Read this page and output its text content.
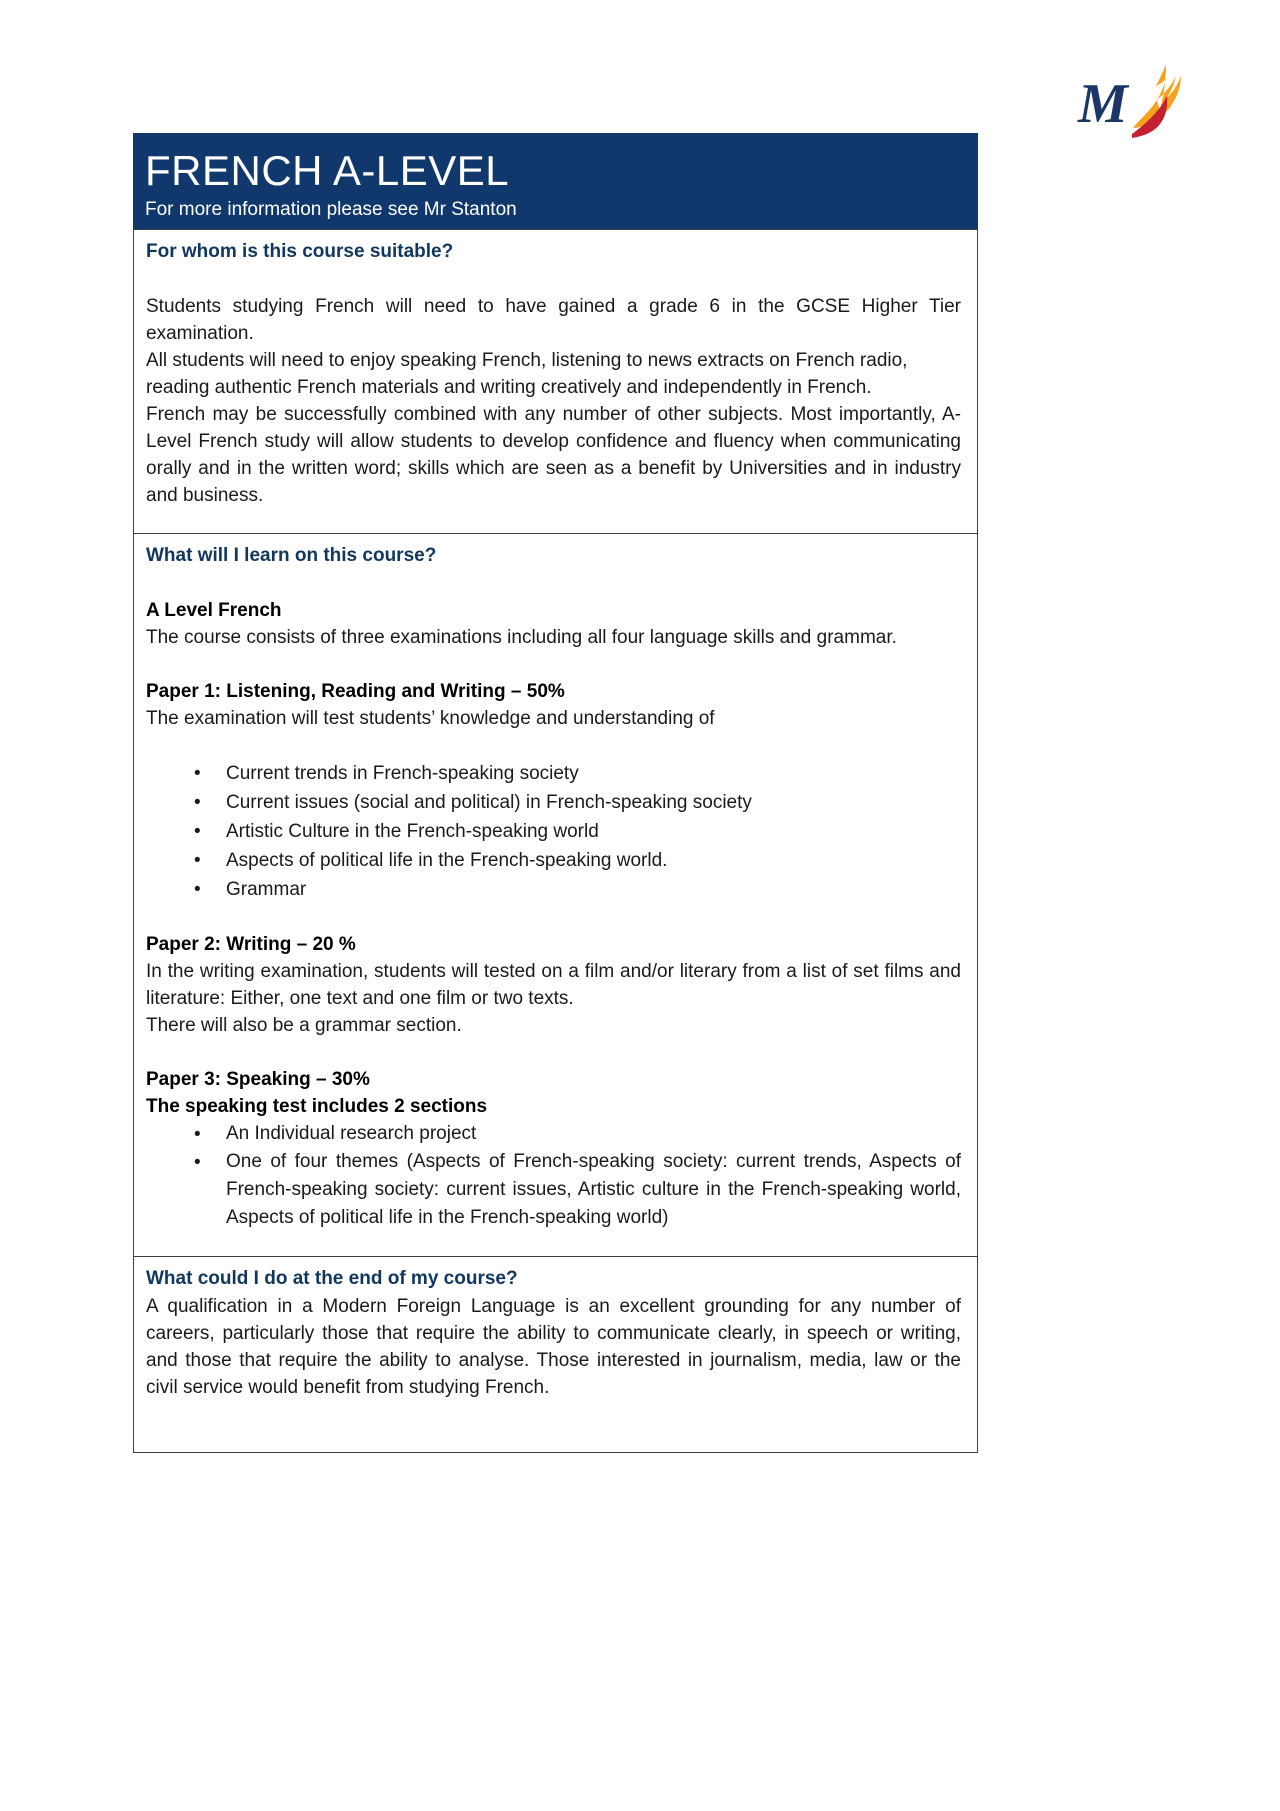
M
FRENCH A-LEVEL
For more information please see Mr Stanton
For whom is this course suitable?

Students studying French will need to have gained a grade 6 in the GCSE Higher Tier examination.

All students will need to enjoy speaking French, listening to news extracts on French radio, reading authentic French materials and writing creatively and independently in French.

French may be successfully combined with any number of other subjects. Most importantly, A-Level French study will allow students to develop confidence and fluency when communicating orally and in the written word; skills which are seen as a benefit by Universities and in industry and business.

What will I learn on this course?
A Level French

The course consists of three examinations including all four language skills and grammar.

Paper 1: Listening, Reading and Writing – 50%

The examination will test students’ knowledge and understanding of

• Current trends in French-speaking society
• Current issues (social and political) in French-speaking society
• Artistic Culture in the French-speaking world
• Aspects of political life in the French-speaking world.
• Grammar
Paper 2: Writing – 20 %

In the writing examination, students will tested on a film and/or literary from a list of set films and literature: Either, one text and one film or two texts.

There will also be a grammar section.

Paper 3: Speaking – 30%
The speaking test includes 2 sections
• An Individual research project
• One of four themes (Aspects of French-speaking society: current trends, Aspects of French-speaking society: current issues, Artistic culture in the French-speaking world, Aspects of political life in the French-speaking world)
What could I do at the end of my course?

A qualification in a Modern Foreign Language is an excellent grounding for any number of careers, particularly those that require the ability to communicate clearly, in speech or writing, and those that require the ability to analyse. Those interested in journalism, media, law or the civil service would benefit from studying French.
